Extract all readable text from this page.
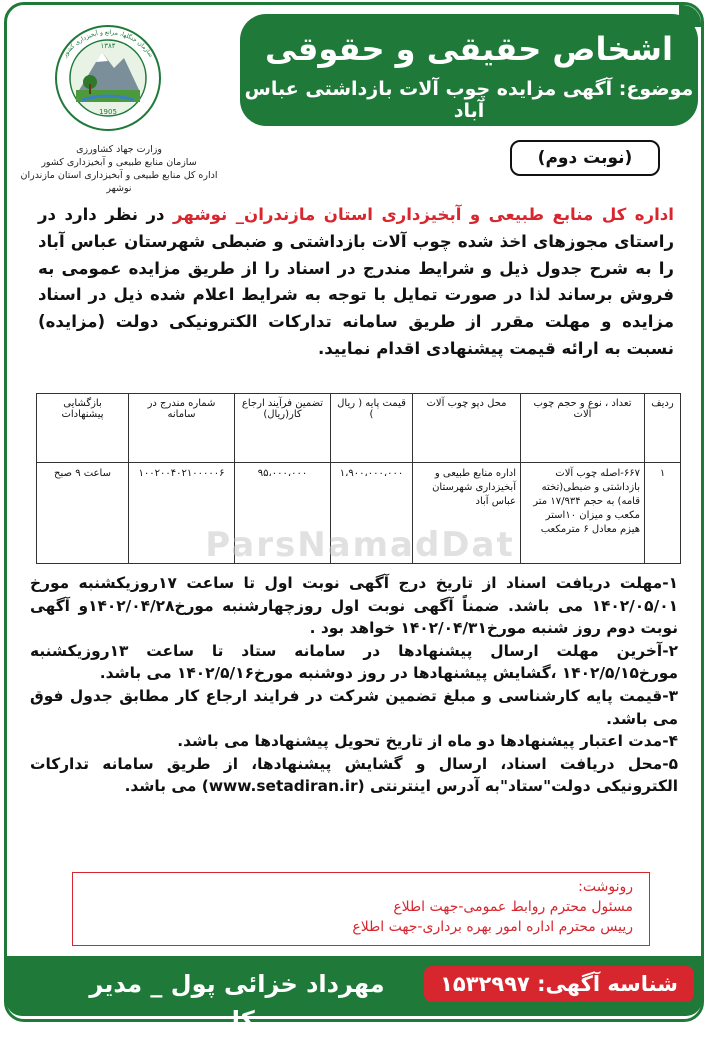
اشخاص حقیقی و حقوقی
موضوع: آگهی مزایده چوب آلات بازداشتی عباس آباد
۱۳۸۴
1905
سازمان جنگلها، مراتع و آبخیزداری کشور
وزارت جهاد کشاورزی
سازمان منابع طبیعی و آبخیزداری کشور
اداره کل منابع طبیعی و آبخیزداری استان مازندران نوشهر
(نوبت دوم)
اداره کل منابع طبیعی و آبخیزداری استان مازندران_ نوشهر در نظر دارد در راستای مجوزهای اخذ شده چوب آلات بازداشتی و ضبطی شهرستان عباس آباد را به شرح جدول ذیل و شرایط مندرج در اسناد را از طریق مزایده عمومی به فروش برساند لذا در صورت تمایل با توجه به شرایط اعلام شده ذیل در اسناد مزایده و مهلت مقرر از طریق سامانه تدارکات الکترونیکی دولت (مزایده) نسبت به ارائه قیمت پیشنهادی اقدام نمایید.
ردیف	تعداد ، نوع و حجم چوب آلات	محل دپو چوب آلات	قیمت پایه ( ریال )	تضمین فرآیند ارجاع کار(ریال)	شماره مندرج در سامانه	بازگشایی پیشنهادات
۱	۶۶۷-اصله چوب آلات بازداشتی و ضبطی(تخته قامه) به حجم ۱۷/۹۳۴ متر مکعب و میزان ۱۰استر هیزم معادل ۶ مترمکعب	اداره منابع طبیعی و آبخیزداری شهرستان عباس آباد	۱،۹۰۰،۰۰۰،۰۰۰	۹۵،۰۰۰،۰۰۰	۱۰۰۲۰۰۴۰۲۱۰۰۰۰۰۶	ساعت ۹ صبح
ParsNamadDat

۱-مهلت دریافت اسناد از تاریخ درج آگهی نوبت اول تا ساعت ۱۷روزیکشنبه مورخ ۱۴۰۲/۰۵/۰۱ می باشد. ضمناً آگهی نوبت اول روزچهارشنبه مورخ۱۴۰۲/۰۴/۲۸و آگهی نوبت دوم روز شنبه مورخ۱۴۰۲/۰۴/۳۱ خواهد بود .

۲-آخرین مهلت ارسال پیشنهادها در سامانه ستاد تا ساعت ۱۳روزیکشنبه مورخ۱۴۰۲/۵/۱۵ ،گشایش پیشنهادها در روز دوشنبه مورخ۱۴۰۲/۵/۱۶ می باشد.

۳-قیمت پایه کارشناسی و مبلغ تضمین شرکت در فرایند ارجاع کار مطابق جدول فوق می باشد.

۴-مدت اعتبار پیشنهادها دو ماه از تاریخ تحویل پیشنهادها می باشد.

۵-محل دریافت اسناد، ارسال و گشایش پیشنهادها، از طریق سامانه تدارکات الکترونیکی دولت"ستاد"به آدرس اینترنتی (www.setadiran.ir) می باشد.

رونوشت:
مسئول محترم روابط عمومی-جهت اطلاع
رییس محترم اداره امور بهره برداری-جهت اطلاع
شناسه آگهی: ۱۵۳۲۹۹۷
مهرداد خزائی پول _ مدیر کل
